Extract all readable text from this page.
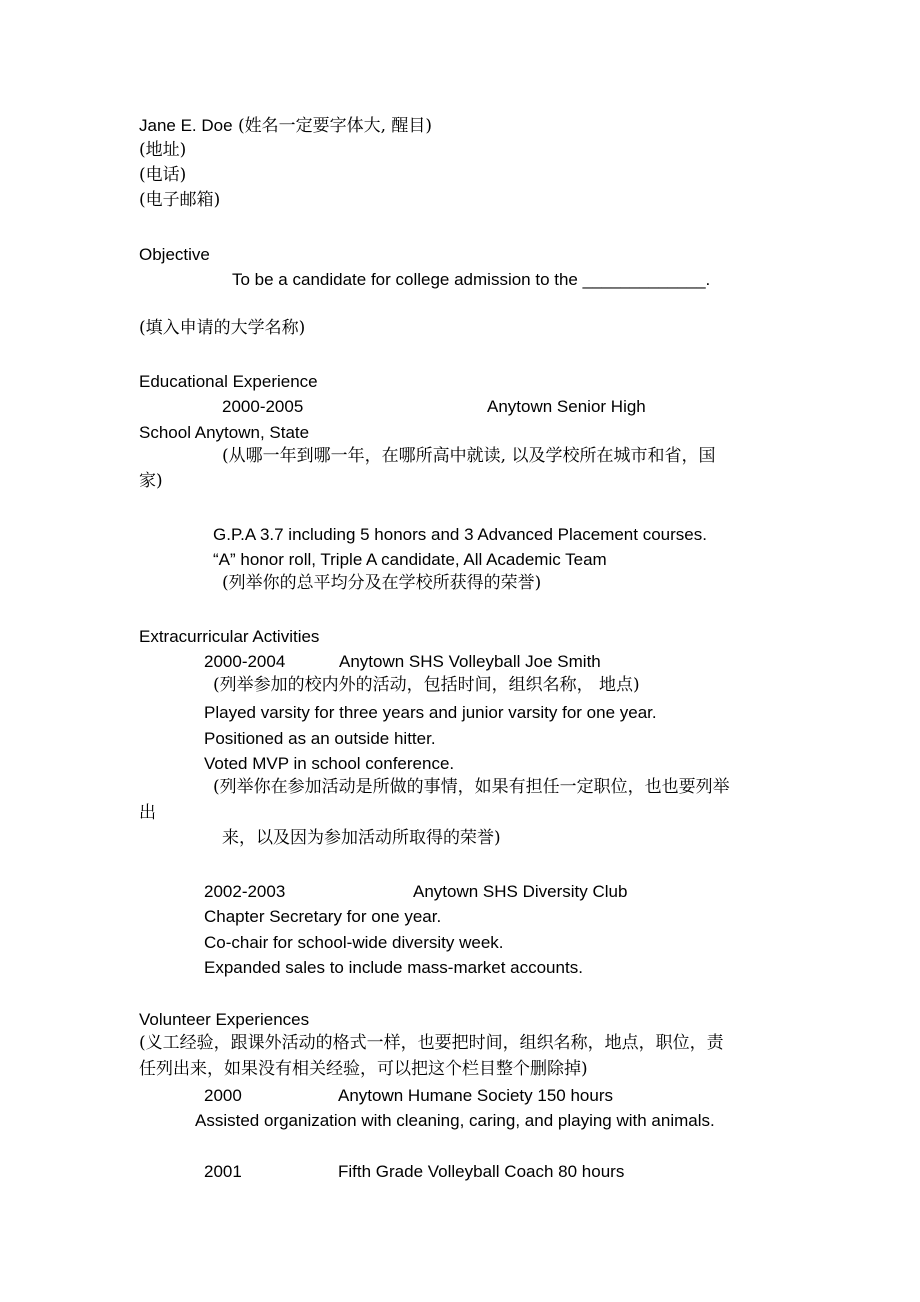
Jane E. Doe (姓名一定要字体大, 醒目)
(地址)
(电话)
(电子邮箱)
Objective
To be a candidate for college admission to the _____________.
(填入申请的大学名称)
Educational Experience
2000-2005	Anytown Senior High
School Anytown, State
(从哪一年到哪一年，在哪所高中就读, 以及学校所在城市和省，国
家)
G.P.A 3.7 including 5 honors and 3 Advanced Placement courses.
“A” honor roll, Triple A candidate, All Academic Team
(列举你的总平均分及在学校所获得的荣誉)
Extracurricular Activities
2000-2004	Anytown SHS Volleyball Joe Smith
(列举参加的校内外的活动，包括时间，组织名称， 地点)
Played varsity for three years and junior varsity for one year.
Positioned as an outside hitter.
Voted MVP in school conference.
(列举你在参加活动是所做的事情，如果有担任一定职位，也也要列举
出
来，以及因为参加活动所取得的荣誉)
2002-2003	Anytown SHS Diversity Club
Chapter Secretary for one year.
Co-chair for school-wide diversity week.
Expanded sales to include mass-market accounts.
Volunteer Experiences
(义工经验，跟课外活动的格式一样，也要把时间，组织名称，地点，职位，责
任列出来，如果没有相关经验，可以把这个栏目整个删除掉)
2000	Anytown Humane Society 150 hours
Assisted organization with cleaning, caring, and playing with animals.
2001	Fifth Grade Volleyball Coach 80 hours
